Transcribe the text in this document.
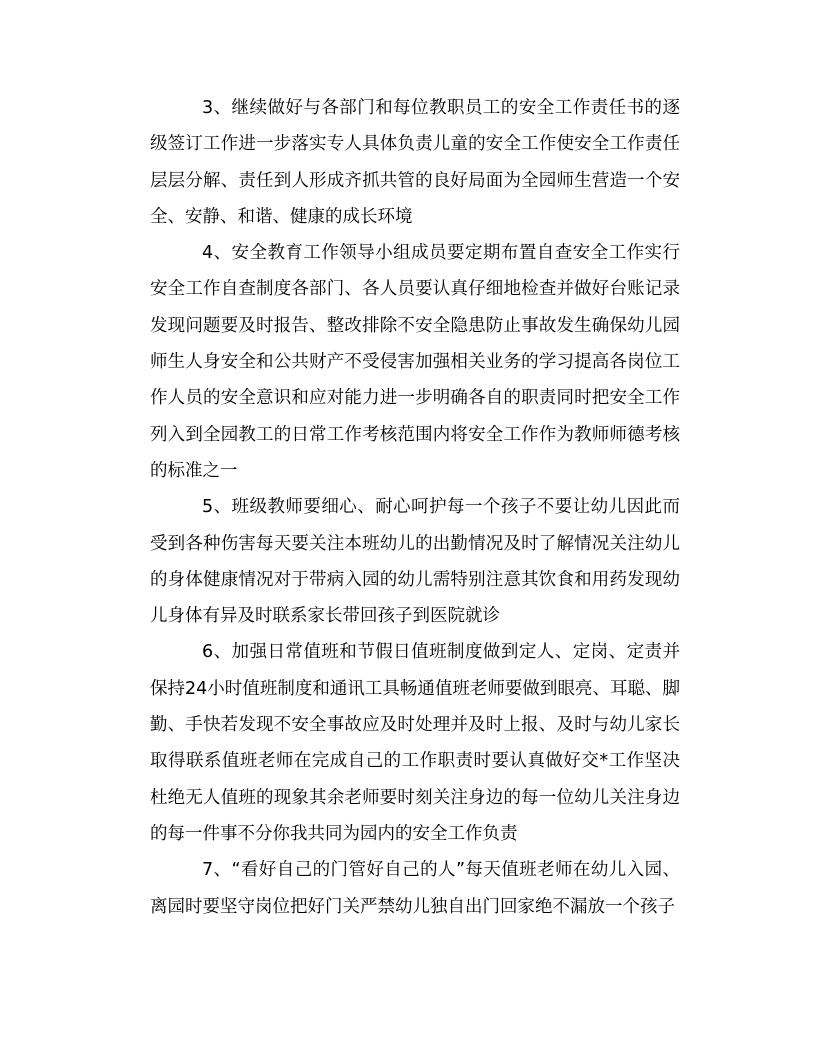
3、继续做好与各部门和每位教职员工的安全工作责任书的逐级签订工作进一步落实专人具体负责儿童的安全工作使安全工作责任层层分解、责任到人形成齐抓共管的良好局面为全园师生营造一个安全、安静、和谐、健康的成长环境

4、安全教育工作领导小组成员要定期布置自查安全工作实行安全工作自查制度各部门、各人员要认真仔细地检查并做好台账记录发现问题要及时报告、整改排除不安全隐患防止事故发生确保幼儿园师生人身安全和公共财产不受侵害加强相关业务的学习提高各岗位工作人员的安全意识和应对能力进一步明确各自的职责同时把安全工作列入到全园教工的日常工作考核范围内将安全工作作为教师师德考核的标准之一

5、班级教师要细心、耐心呵护每一个孩子不要让幼儿因此而受到各种伤害每天要关注本班幼儿的出勤情况及时了解情况关注幼儿的身体健康情况对于带病入园的幼儿需特别注意其饮食和用药发现幼儿身体有异及时联系家长带回孩子到医院就诊

6、加强日常值班和节假日值班制度做到定人、定岗、定责并保持24小时值班制度和通讯工具畅通值班老师要做到眼亮、耳聪、脚勤、手快若发现不安全事故应及时处理并及时上报、及时与幼儿家长取得联系值班老师在完成自己的工作职责时要认真做好交*工作坚决杜绝无人值班的现象其余老师要时刻关注身边的每一位幼儿关注身边的每一件事不分你我共同为园内的安全工作负责

7、“看好自己的门管好自己的人”每天值班老师在幼儿入园、离园时要坚守岗位把好门关严禁幼儿独自出门回家绝不漏放一个孩子
